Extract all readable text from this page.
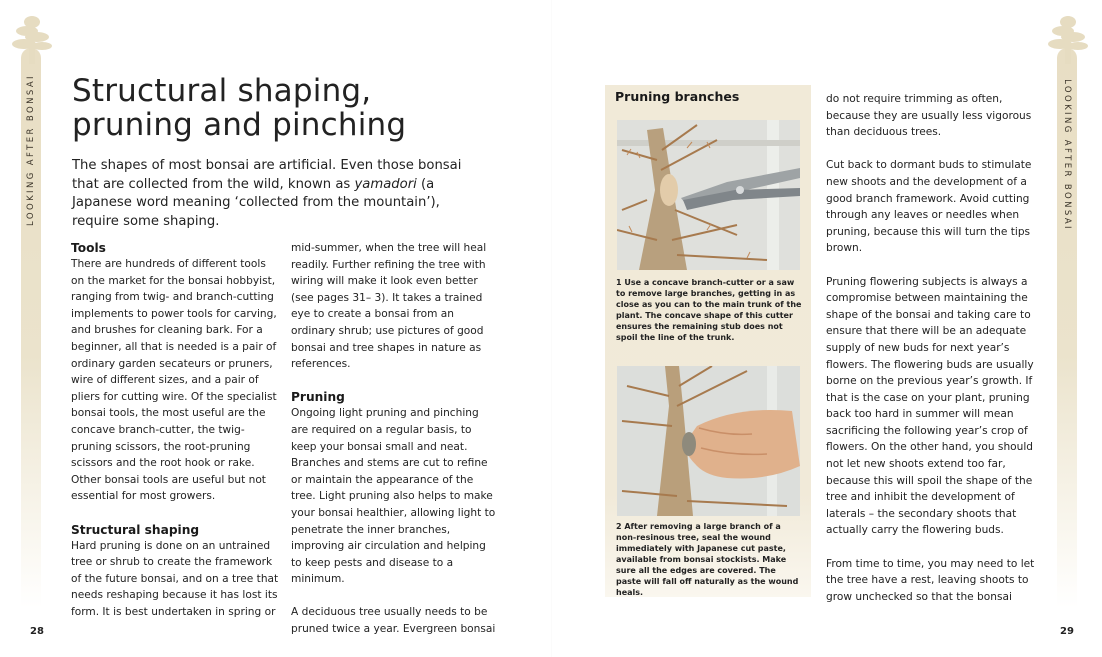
LOOKING AFTER BONSAI	LOOKING AFTER BONSAI
Structural shaping,
pruning and pinching
The shapes of most bonsai are artificial. Even those bonsai that are collected from the wild, known as yamadori (a Japanese word meaning ‘collected from the mountain’), require some shaping.
Tools

There are hundreds of different tools on the market for the bonsai hobbyist, ranging from twig- and branch-cutting implements to power tools for carving, and brushes for cleaning bark. For a beginner, all that is needed is a pair of ordinary garden secateurs or pruners, wire of different sizes, and a pair of pliers for cutting wire. Of the specialist bonsai tools, the most useful are the concave branch-cutter, the twig-pruning scissors, the root-pruning scissors and the root hook or rake. Other bonsai tools are useful but not essential for most growers.

Structural shaping

Hard pruning is done on an untrained tree or shrub to create the framework of the future bonsai, and on a tree that needs reshaping because it has lost its form. It is best undertaken in spring or

mid-summer, when the tree will heal readily. Further refining the tree with wiring will make it look even better (see pages 31– 3). It takes a trained eye to create a bonsai from an ordinary shrub; use pictures of good bonsai and tree shapes in nature as references.

Pruning

Ongoing light pruning and pinching are required on a regular basis, to keep your bonsai small and neat. Branches and stems are cut to refine or maintain the appearance of the tree. Light pruning also helps to make your bonsai healthier, allowing light to penetrate the inner branches, improving air circulation and helping to keep pests and disease to a minimum.

A deciduous tree usually needs to be pruned twice a year. Evergreen bonsai

28
Pruning branches
1 Use a concave branch-cutter or a saw to remove large branches, getting in as close as you can to the main trunk of the plant. The concave shape of this cutter ensures the remaining stub does not spoil the line of the trunk.
2 After removing a large branch of a non-resinous tree, seal the wound immediately with Japanese cut paste, available from bonsai stockists. Make sure all the edges are covered. The paste will fall off naturally as the wound heals.

do not require trimming as often, because they are usually less vigorous than deciduous trees.

Cut back to dormant buds to stimulate new shoots and the development of a good branch framework. Avoid cutting through any leaves or needles when pruning, because this will turn the tips brown.

Pruning flowering subjects is always a compromise between maintaining the shape of the bonsai and taking care to ensure that there will be an adequate supply of new buds for next year’s flowers. The flowering buds are usually borne on the previous year’s growth. If that is the case on your plant, pruning back too hard in summer will mean sacrificing the following year’s crop of flowers. On the other hand, you should not let new shoots extend too far, because this will spoil the shape of the tree and inhibit the development of laterals – the secondary shoots that actually carry the flowering buds.

From time to time, you may need to let the tree have a rest, leaving shoots to grow unchecked so that the bonsai

29
